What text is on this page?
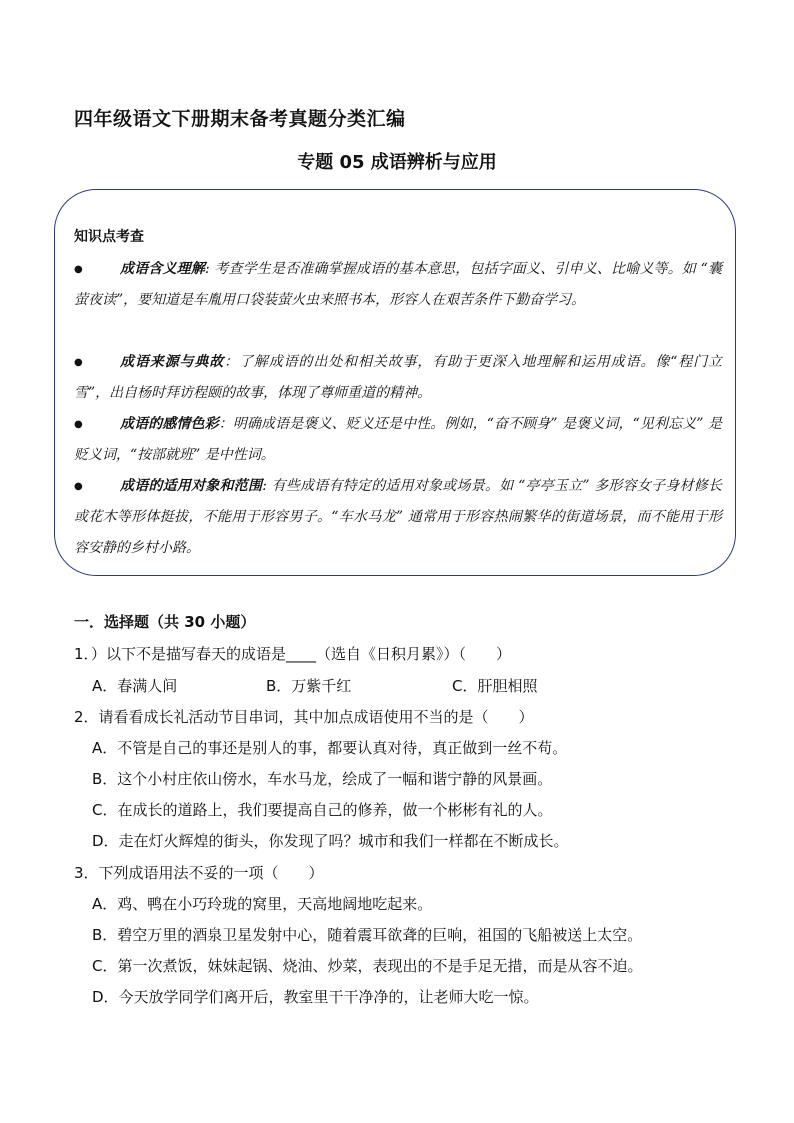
四年级语文下册期末备考真题分类汇编
专题 05 成语辨析与应用
知识点考查
●	成语含义理解: 考查学生是否准确掌握成语的基本意思，包括字面义、引申义、比喻义等。如 “囊萤夜读”，要知道是车胤用口袋装萤火虫来照书本，形容人在艰苦条件下勤奋学习。
●	成语来源与典故：了解成语的出处和相关故事，有助于更深入地理解和运用成语。像“程门立雪”，出自杨时拜访程颐的故事，体现了尊师重道的精神。
●	成语的感情色彩：明确成语是褒义、贬义还是中性。例如，“奋不顾身” 是褒义词，“见利忘义” 是贬义词，“按部就班” 是中性词。
●	成语的适用对象和范围: 有些成语有特定的适用对象或场景。如 “亭亭玉立” 多形容女子身材修长或花木等形体挺拔，不能用于形容男子。“车水马龙” 通常用于形容热闹繁华的街道场景，而不能用于形容安静的乡村小路。
一．选择题（共 30 小题）
1．）以下不是描写春天的成语是____（选自《日积月累》）（　　）
A．春满人间	B．万紫千红	C．肝胆相照
2．请看看成长礼活动节目串词，其中加点成语使用不当的是（　　）
A．不管是自己的事还是别人的事，都要认真对待，真正做到一丝不苟。
B．这个小村庄依山傍水，车水马龙，绘成了一幅和谐宁静的风景画。
C．在成长的道路上，我们要提高自己的修养，做一个彬彬有礼的人。
D．走在灯火辉煌的街头，你发现了吗？城市和我们一样都在不断成长。
3．下列成语用法不妥的一项（　　）
A．鸡、鸭在小巧玲珑的窝里，天高地阔地吃起来。
B．碧空万里的酒泉卫星发射中心，随着震耳欲聋的巨响，祖国的飞船被送上太空。
C．第一次煮饭，妹妹起锅、烧油、炒菜，表现出的不是手足无措，而是从容不迫。
D．今天放学同学们离开后，教室里干干净净的，让老师大吃一惊。
